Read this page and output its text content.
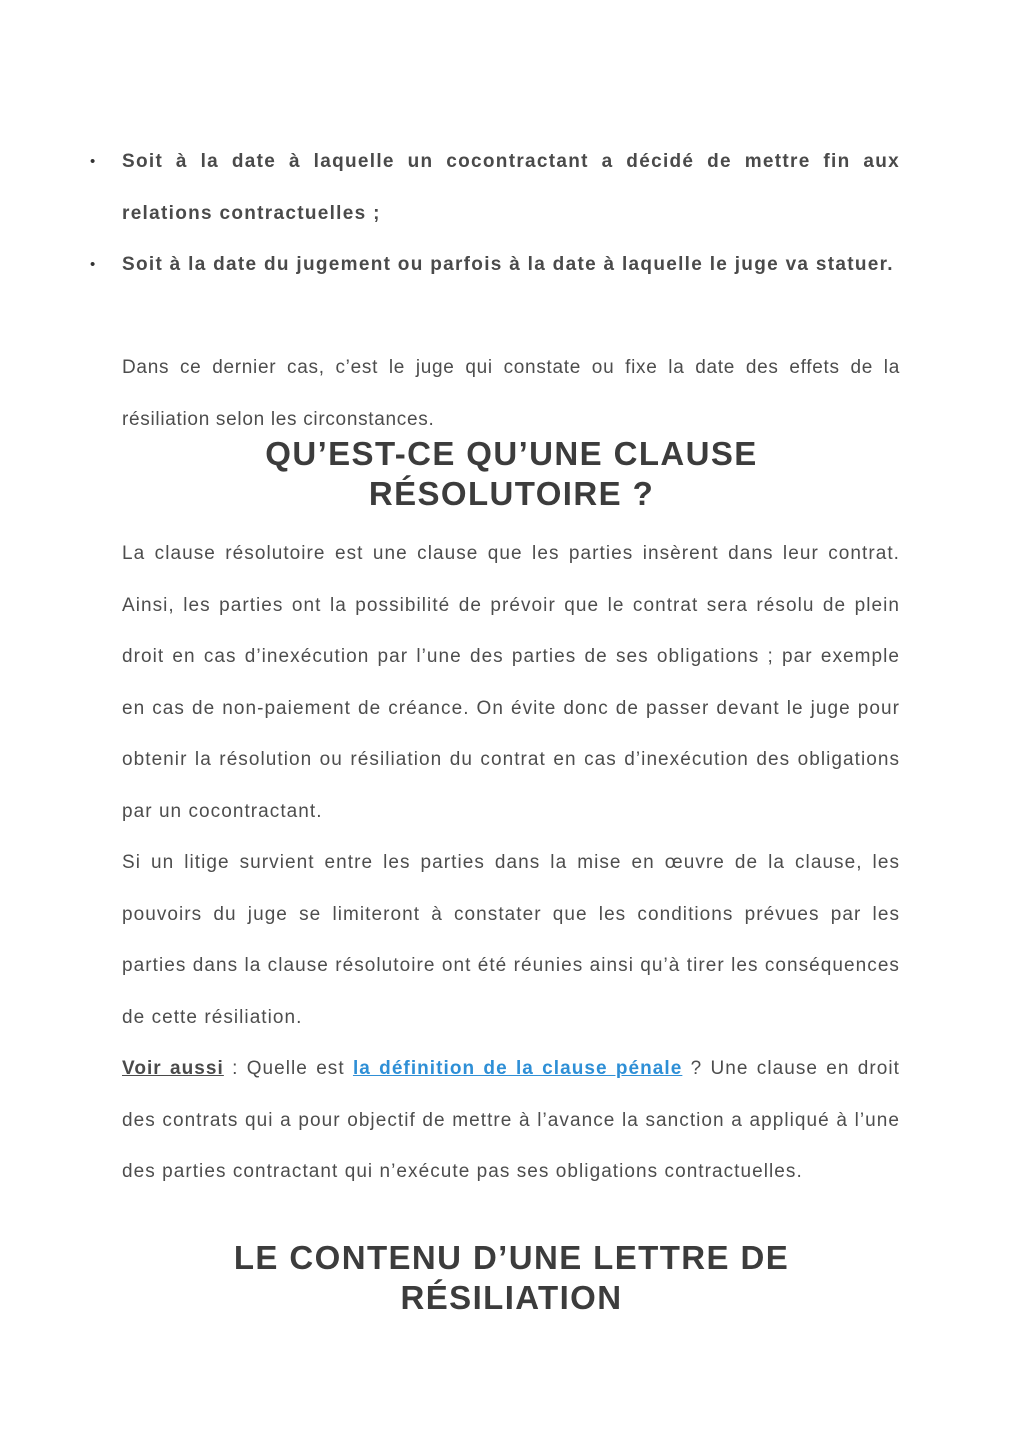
• Soit à la date à laquelle un cocontractant a décidé de mettre fin aux relations contractuelles ;
• Soit à la date du jugement ou parfois à la date à laquelle le juge va statuer.

Dans ce dernier cas, c’est le juge qui constate ou fixe la date des effets de la résiliation selon les circonstances.

QU’EST-CE QU’UNE CLAUSE
RÉSOLUTOIRE ?

La clause résolutoire est une clause que les parties insèrent dans leur contrat. Ainsi, les parties ont la possibilité de prévoir que le contrat sera résolu de plein droit en cas d’inexécution par l’une des parties de ses obligations ; par exemple en cas de non-paiement de créance. On évite donc de passer devant le juge pour obtenir la résolution ou résiliation du contrat en cas d’inexécution des obligations par un cocontractant.

Si un litige survient entre les parties dans la mise en œuvre de la clause, les pouvoirs du juge se limiteront à constater que les conditions prévues par les parties dans la clause résolutoire ont été réunies ainsi qu’à tirer les conséquences de cette résiliation.

Voir aussi : Quelle est la définition de la clause pénale ? Une clause en droit des contrats qui a pour objectif de mettre à l’avance la sanction a appliqué à l’une des parties contractant qui n’exécute pas ses obligations contractuelles.

LE CONTENU D’UNE LETTRE DE
RÉSILIATION
